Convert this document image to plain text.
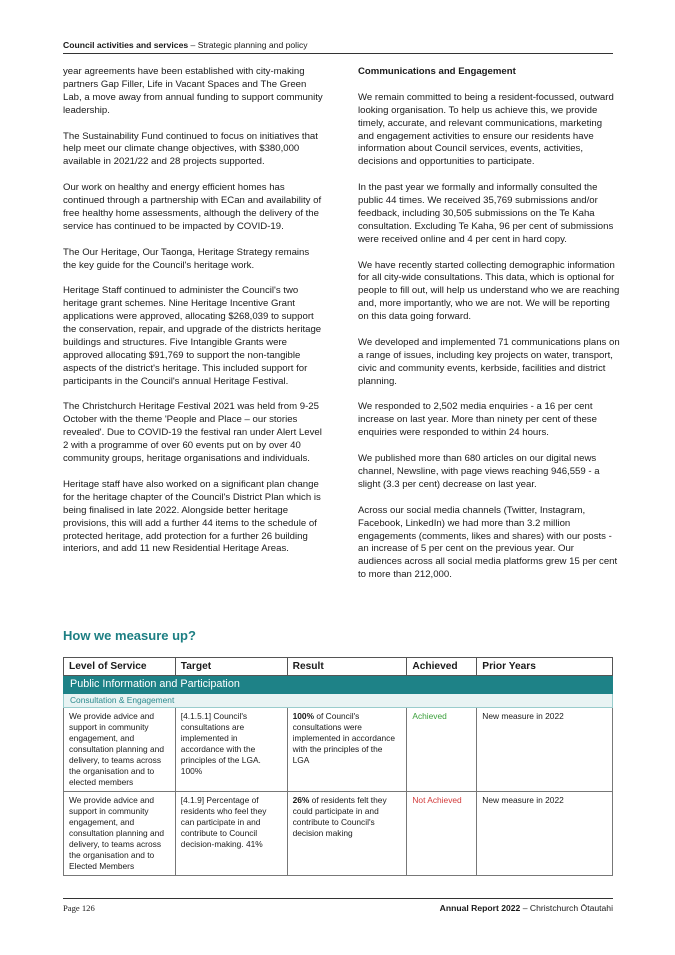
Council activities and services – Strategic planning and policy

year agreements have been established with city-making partners Gap Filler, Life in Vacant Spaces and The Green Lab, a move away from annual funding to support community leadership.

The Sustainability Fund continued to focus on initiatives that help meet our climate change objectives, with $380,000 available in 2021/22 and 28 projects supported.

Our work on healthy and energy efficient homes has continued through a partnership with ECan and availability of free healthy home assessments, although the delivery of the service has continued to be impacted by COVID-19.

The Our Heritage, Our Taonga, Heritage Strategy remains the key guide for the Council's heritage work.

Heritage Staff continued to administer the Council's two heritage grant schemes. Nine Heritage Incentive Grant applications were approved, allocating $268,039 to support the conservation, repair, and upgrade of the districts heritage buildings and structures. Five Intangible Grants were approved allocating $91,769 to support the non-tangible aspects of the district's heritage. This included support for participants in the Council's annual Heritage Festival.

The Christchurch Heritage Festival 2021 was held from 9-25 October with the theme 'People and Place – our stories revealed'. Due to COVID-19 the festival ran under Alert Level 2 with a programme of over 60 events put on by over 40 community groups, heritage organisations and individuals.

Heritage staff have also worked on a significant plan change for the heritage chapter of the Council's District Plan which is being finalised in late 2022. Alongside better heritage provisions, this will add a further 44 items to the schedule of protected heritage, add protection for a further 26 building interiors, and add 11 new Residential Heritage Areas.

Communications and Engagement

We remain committed to being a resident-focussed, outward looking organisation. To help us achieve this, we provide timely, accurate, and relevant communications, marketing and engagement activities to ensure our residents have information about Council services, events, activities, decisions and opportunities to participate.

In the past year we formally and informally consulted the public 44 times. We received 35,769 submissions and/or feedback, including 30,505 submissions on the Te Kaha consultation. Excluding Te Kaha, 96 per cent of submissions were received online and 4 per cent in hard copy.

We have recently started collecting demographic information for all city-wide consultations. This data, which is optional for people to fill out, will help us understand who we are reaching and, more importantly, who we are not. We will be reporting on this data going forward.

We developed and implemented 71 communications plans on a range of issues, including key projects on water, transport, civic and community events, kerbside, facilities and district planning.

We responded to 2,502 media enquiries - a 16 per cent increase on last year. More than ninety per cent of these enquiries were responded to within 24 hours.

We published more than 680 articles on our digital news channel, Newsline, with page views reaching 946,559 - a slight (3.3 per cent) decrease on last year.

Across our social media channels (Twitter, Instagram, Facebook, LinkedIn) we had more than 3.2 million engagements (comments, likes and shares) with our posts - an increase of 5 per cent on the previous year. Our audiences across all social media platforms grew 15 per cent to more than 212,000.

How we measure up?
Level of Service	Target	Result	Achieved	Prior Years
Public Information and Participation				
Consultation & Engagement				
We provide advice and support in community engagement, and consultation planning and delivery, to teams across the organisation and to elected members	[4.1.5.1] Council's consultations are implemented in accordance with the principles of the LGA. 100%	100% of Council's consultations were implemented in accordance with the principles of the LGA	Achieved	New measure in 2022
We provide advice and support in community engagement, and consultation planning and delivery, to teams across the organisation and to Elected Members	[4.1.9] Percentage of residents who feel they can participate in and contribute to Council decision-making. 41%	26% of residents felt they could participate in and contribute to Council's decision making	Not Achieved	New measure in 2022
Page 126	Annual Report 2022 – Christchurch Ōtautahi
